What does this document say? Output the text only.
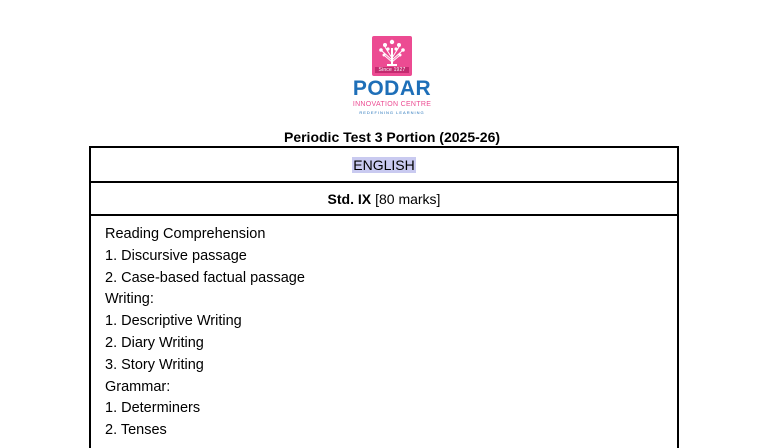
Since 1927
PODAR
INNOVATION CENTRE
REDEFINING LEARNING
Periodic Test 3 Portion (2025-26)
ENGLISH
Std. IX [80 marks]
Reading Comprehension
1. Discursive passage
2. Case-based factual passage
Writing:
1. Descriptive Writing
2. Diary Writing
3. Story Writing
Grammar:
1. Determiners
2. Tenses
